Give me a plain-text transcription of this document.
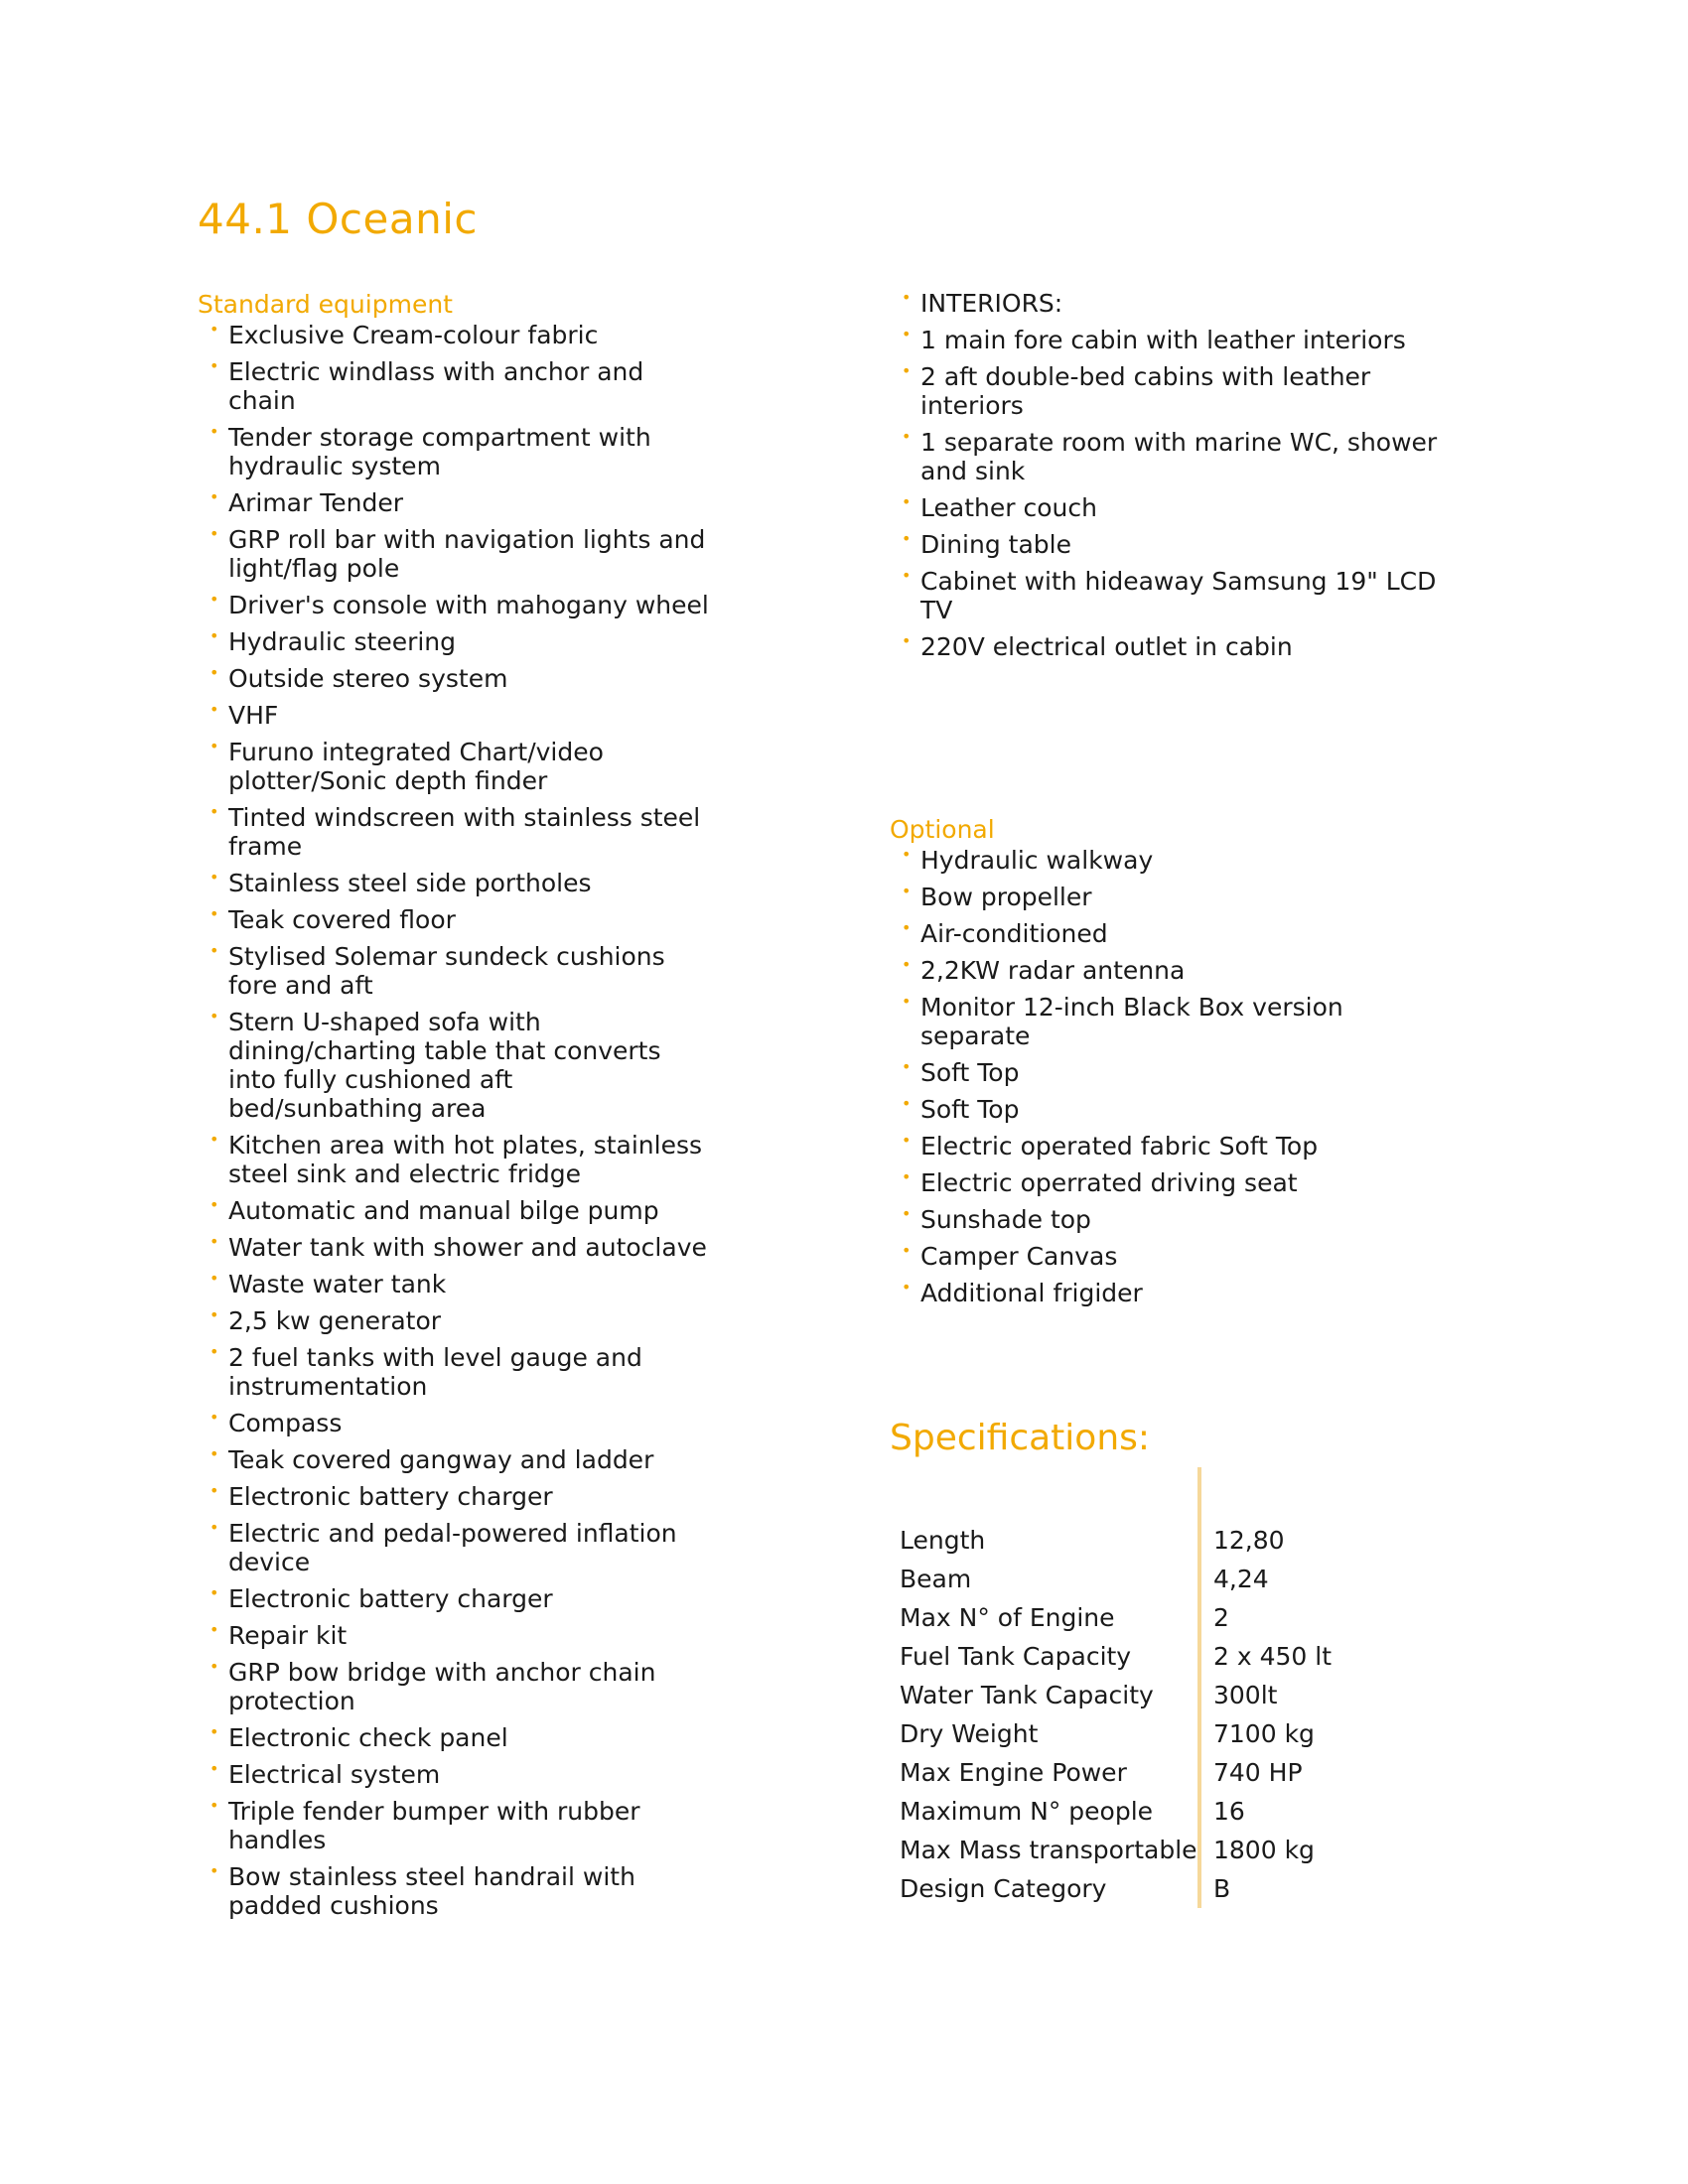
44.1 Oceanic
Standard equipment
• Exclusive Cream-colour fabric
• Electric windlass with anchor and chain
• Tender storage compartment with hydraulic system
• Arimar Tender
• GRP roll bar with navigation lights and light/flag pole
• Driver's console with mahogany wheel
• Hydraulic steering
• Outside stereo system
• VHF
• Furuno integrated Chart/video plotter/Sonic depth finder
• Tinted windscreen with stainless steel frame
• Stainless steel side portholes
• Teak covered floor
• Stylised Solemar sundeck cushions fore and aft
• Stern U-shaped sofa with dining/charting table that converts into fully cushioned aft bed/sunbathing area
• Kitchen area with hot plates, stainless steel sink and electric fridge
• Automatic and manual bilge pump
• Water tank with shower and autoclave
• Waste water tank
• 2,5 kw generator
• 2 fuel tanks with level gauge and instrumentation
• Compass
• Teak covered gangway and ladder
• Electronic battery charger
• Electric and pedal-powered inflation device
• Electronic battery charger
• Repair kit
• GRP bow bridge with anchor chain protection
• Electronic check panel
• Electrical system
• Triple fender bumper with rubber handles
• Bow stainless steel handrail with padded cushions
• INTERIORS:
• 1 main fore cabin with leather interiors
• 2 aft double-bed cabins with leather interiors
• 1 separate room with marine WC, shower and sink
• Leather couch
• Dining table
• Cabinet with hideaway Samsung 19" LCD TV
• 220V electrical outlet in cabin
Optional
• Hydraulic walkway
• Bow propeller
• Air-conditioned
• 2,2KW radar antenna
• Monitor 12-inch Black Box version separate
• Soft Top
• Soft Top
• Electric operated fabric Soft Top
• Electric operrated driving seat
• Sunshade top
• Camper Canvas
• Additional frigider
Specifications:

Length	12,80
Beam	4,24
Max N° of Engine	2
Fuel Tank Capacity	2 x 450 lt
Water Tank Capacity	300lt
Dry Weight	7100 kg
Max Engine Power	740 HP
Maximum N° people	16
Max Mass transportable	1800 kg
Design Category	B
